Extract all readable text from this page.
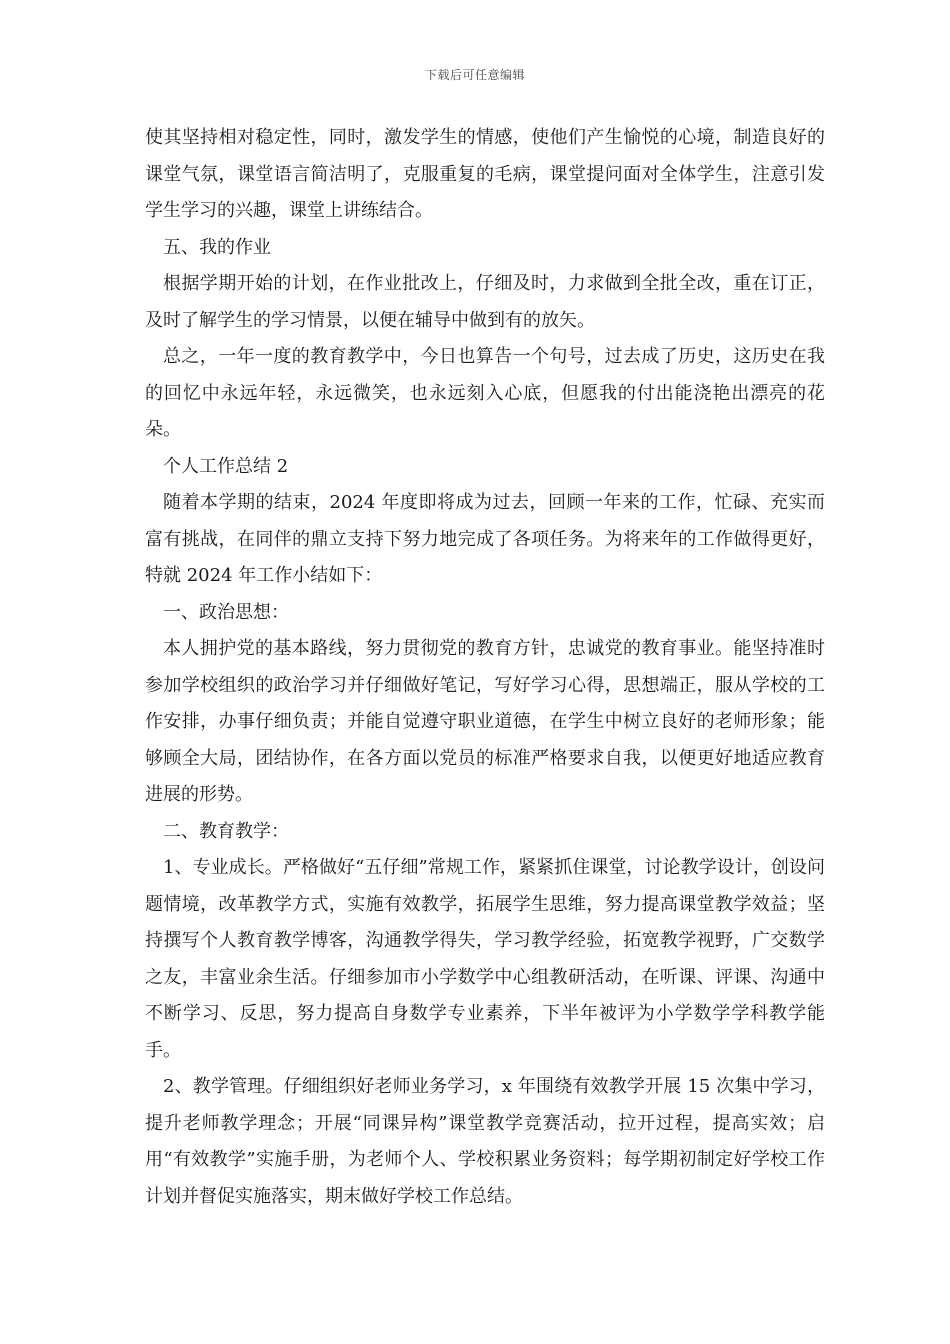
下载后可任意编辑

使其坚持相对稳定性，同时，激发学生的情感，使他们产生愉悦的心境，制造良好的课堂气氛，课堂语言简洁明了，克服重复的毛病，课堂提问面对全体学生，注意引发学生学习的兴趣，课堂上讲练结合。

五、我的作业

根据学期开始的计划，在作业批改上，仔细及时，力求做到全批全改，重在订正，及时了解学生的学习情景，以便在辅导中做到有的放矢。

总之，一年一度的教育教学中，今日也算告一个句号，过去成了历史，这历史在我的回忆中永远年轻，永远微笑，也永远刻入心底，但愿我的付出能浇艳出漂亮的花朵。

个人工作总结 2

随着本学期的结束，2024 年度即将成为过去，回顾一年来的工作，忙碌、充实而富有挑战，在同伴的鼎立支持下努力地完成了各项任务。为将来年的工作做得更好，特就 2024 年工作小结如下：

一、政治思想：

本人拥护党的基本路线，努力贯彻党的教育方针，忠诚党的教育事业。能坚持准时参加学校组织的政治学习并仔细做好笔记，写好学习心得，思想端正，服从学校的工作安排，办事仔细负责；并能自觉遵守职业道德，在学生中树立良好的老师形象；能够顾全大局，团结协作，在各方面以党员的标准严格要求自我，以便更好地适应教育进展的形势。

二、教育教学：

1、专业成长。严格做好“五仔细”常规工作，紧紧抓住课堂，讨论教学设计，创设问题情境，改革教学方式，实施有效教学，拓展学生思维，努力提高课堂教学效益；坚持撰写个人教育教学博客，沟通教学得失，学习教学经验，拓宽教学视野，广交数学之友，丰富业余生活。仔细参加市小学数学中心组教研活动，在听课、评课、沟通中不断学习、反思，努力提高自身数学专业素养，下半年被评为小学数学学科教学能手。

2、教学管理。仔细组织好老师业务学习，x 年围绕有效教学开展 15 次集中学习，提升老师教学理念；开展“同课异构”课堂教学竞赛活动，拉开过程，提高实效；启用“有效教学”实施手册，为老师个人、学校积累业务资料；每学期初制定好学校工作计划并督促实施落实，期末做好学校工作总结。
